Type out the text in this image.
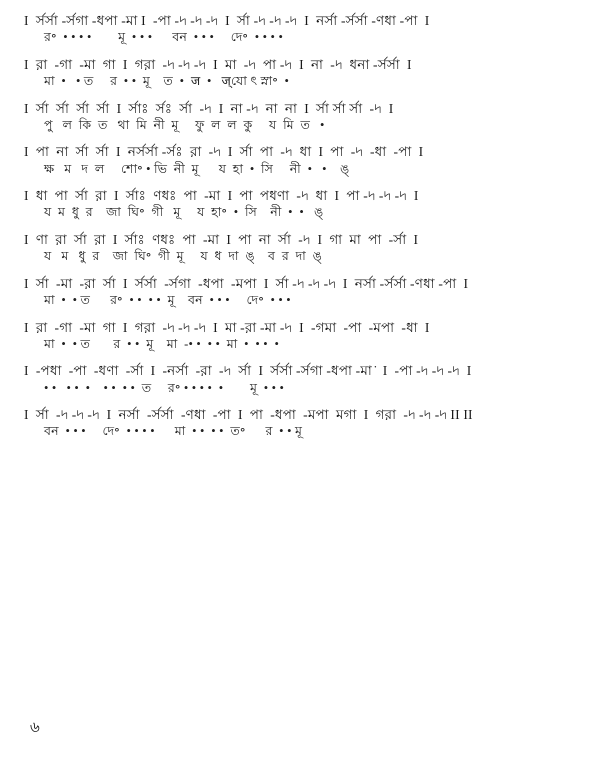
I  র্সর্সা -র্সগা -ধপা -মা I  -পা -৸ -৸ -৸  I  র্সা -৸ -৸ -৸  I  নর্সা -র্সর্সা -ণধা -পা  I
র॰  • • • •        মূ  • • •      বন  • • •     দে॰  • • • •
I  র়া  -গা  -মা  গা  I  গর়া  -৸ -৸ -৸  I  মা  -৸  পা -৸  I  না  -৸  ধনা -র্সর্সা  I
মা  •   • ত     র  • •  মূ    ত  •  ज  •   ज्যো ৎ স্না॰  •
I  র্সা  র্সা  র্সা  র্সা  I  র্সাঃ  র্সঃ  র্সা  -৸  I  না -৸  না  না  I  র্সা র্সা র্সা  -৸  I
পু   ল  কি  ত   থা  মি  নী  মূ     ফু  ল  ল  কু     য  মি  ত   •
I  পা  না  র্সা  র্সা  I  নর্সর্সা -র্সঃ  র়া  -৸  I  র্সা  পা  -৸  ধা  I  পা  -৸  -ধা  -পা  I
ক্ষ   ম   দ  ল     শো॰ • ভি  নী  মূ      য  হা  •  সি     নী  •   •    ঙ্
I  ধা  পা  র্সা  র়া  I  র্সাঃ  ণধঃ  পা  -মা  I  পা  পধণা  -৸  ধা  I  পা -৸ -৸ -৸  I
য  ম  ধু  র    জা  ঘি॰  গী   মূ     য  হা॰  •  সি    নী  •  •   ঙ্
I  ণা  র়া  র্সা  র়া  I  র্সাঃ  ণধঃ  পা  -মা  I  পা  না  র্সা  -৸  I  গা  মা  পা  -র্সা  I
য   ম   ধু  র    জা  ঘি॰  গী  মূ     য  ধ  দা  ঙ্    ব  র  দা  ঙ্
I  র্সা  -মা  -র়া  র্সা  I  র্সর্সা  -র্সগা  -ধপা  -মপা  I  র্সা -৸ -৸ -৸  I  নর্সা -র্সর্সা -ণধা -পা  I
মা  •  • ত      র॰  • •  • •  মূ    বন  • • •     দে॰  • • •
I  র়া  -গা  -মা  গা  I  গর়া  -৸ -৸ -৸  I  মা -র়া -মা -৸  I  -গমা  -পা  -মপা  -ধা  I
মা  •  • ত       র  • •  মূ    মা  -• •  • •  মা  •  • •  •
I  -পধা  -পা  -ধণা  -র্সা  I  -নর্সা  -র়া  -৸  র্সা  I  র্সর্সা -র্সগা -ধপা -মা ̇  I  -পা -৸ -৸ -৸  I
• •   • •  •    • •  • •  ত     র॰ • • • •  •        মূ  • • •
I  র্সা  -৸ -৸ -৸  I  নর্সা  -র্সর্সা  -ণধা  -পা  I  পা  -ধপা  -মপা  মগা  I  গর়া  -৸ -৸ -৸ II II
বন  • • •     দে॰  • • • •      মা  • •  • •  ত॰      র  • • মূ
৬
